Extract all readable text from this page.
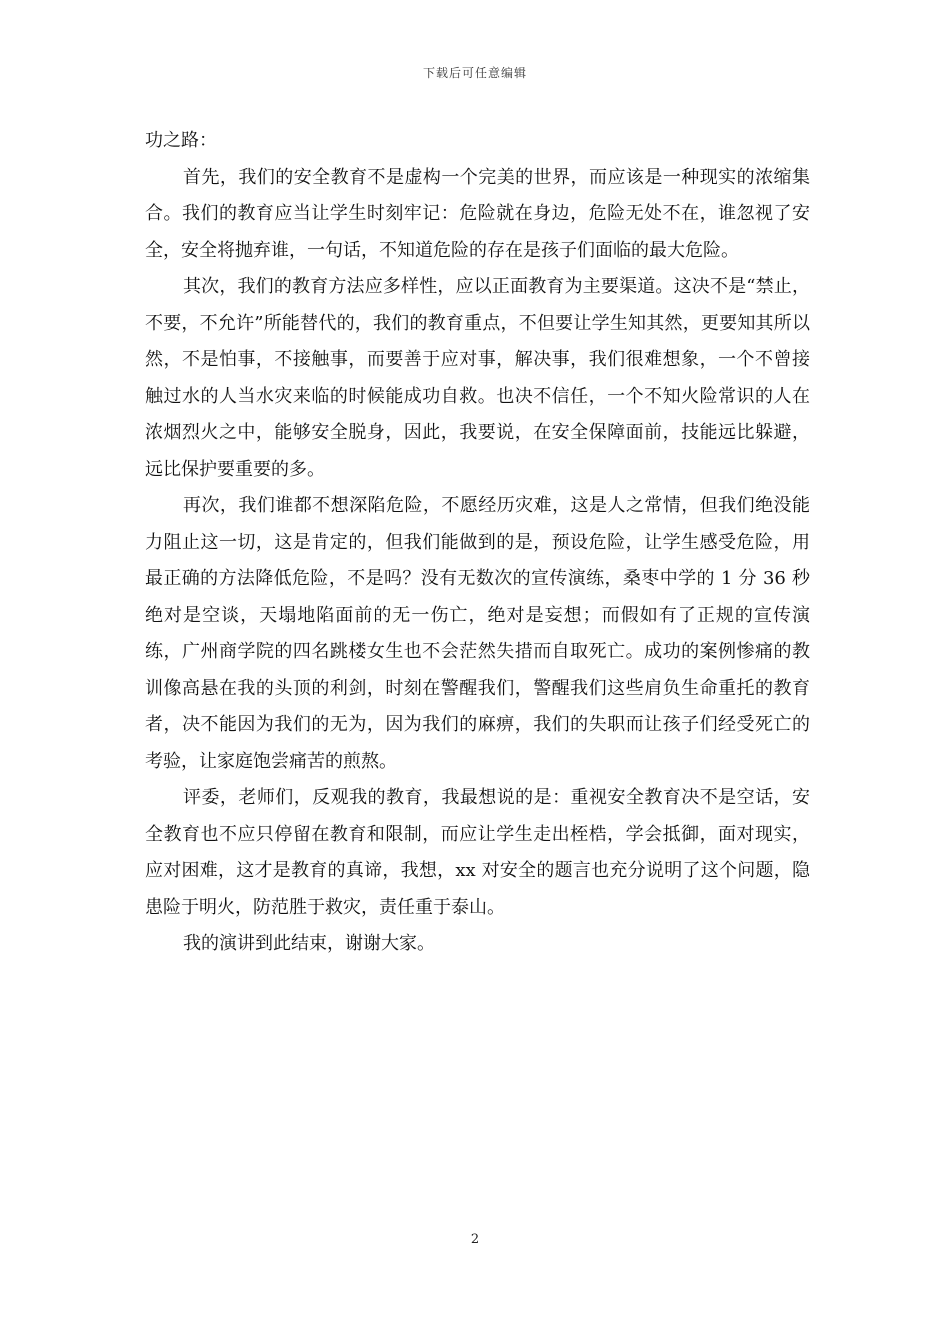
下载后可任意编辑

功之路：

首先，我们的安全教育不是虚构一个完美的世界，而应该是一种现实的浓缩集合。我们的教育应当让学生时刻牢记：危险就在身边，危险无处不在，谁忽视了安全，安全将抛弃谁，一句话，不知道危险的存在是孩子们面临的最大危险。

其次，我们的教育方法应多样性，应以正面教育为主要渠道。这决不是“禁止，不要，不允许”所能替代的，我们的教育重点，不但要让学生知其然，更要知其所以然，不是怕事，不接触事，而要善于应对事，解决事，我们很难想象，一个不曾接触过水的人当水灾来临的时候能成功自救。也决不信任，一个不知火险常识的人在浓烟烈火之中，能够安全脱身，因此，我要说，在安全保障面前，技能远比躲避，远比保护要重要的多。

再次，我们谁都不想深陷危险，不愿经历灾难，这是人之常情，但我们绝没能力阻止这一切，这是肯定的，但我们能做到的是，预设危险，让学生感受危险，用最正确的方法降低危险，不是吗？没有无数次的宣传演练，桑枣中学的 1 分 36 秒绝对是空谈，天塌地陷面前的无一伤亡，绝对是妄想；而假如有了正规的宣传演练，广州商学院的四名跳楼女生也不会茫然失措而自取死亡。成功的案例惨痛的教训像高悬在我的头顶的利剑，时刻在警醒我们，警醒我们这些肩负生命重托的教育者，决不能因为我们的无为，因为我们的麻痹，我们的失职而让孩子们经受死亡的考验，让家庭饱尝痛苦的煎熬。

评委，老师们，反观我的教育，我最想说的是：重视安全教育决不是空话，安全教育也不应只停留在教育和限制，而应让学生走出桎梏，学会抵御，面对现实，应对困难，这才是教育的真谛，我想，xx 对安全的题言也充分说明了这个问题，隐患险于明火，防范胜于救灾，责任重于泰山。

我的演讲到此结束，谢谢大家。

2
